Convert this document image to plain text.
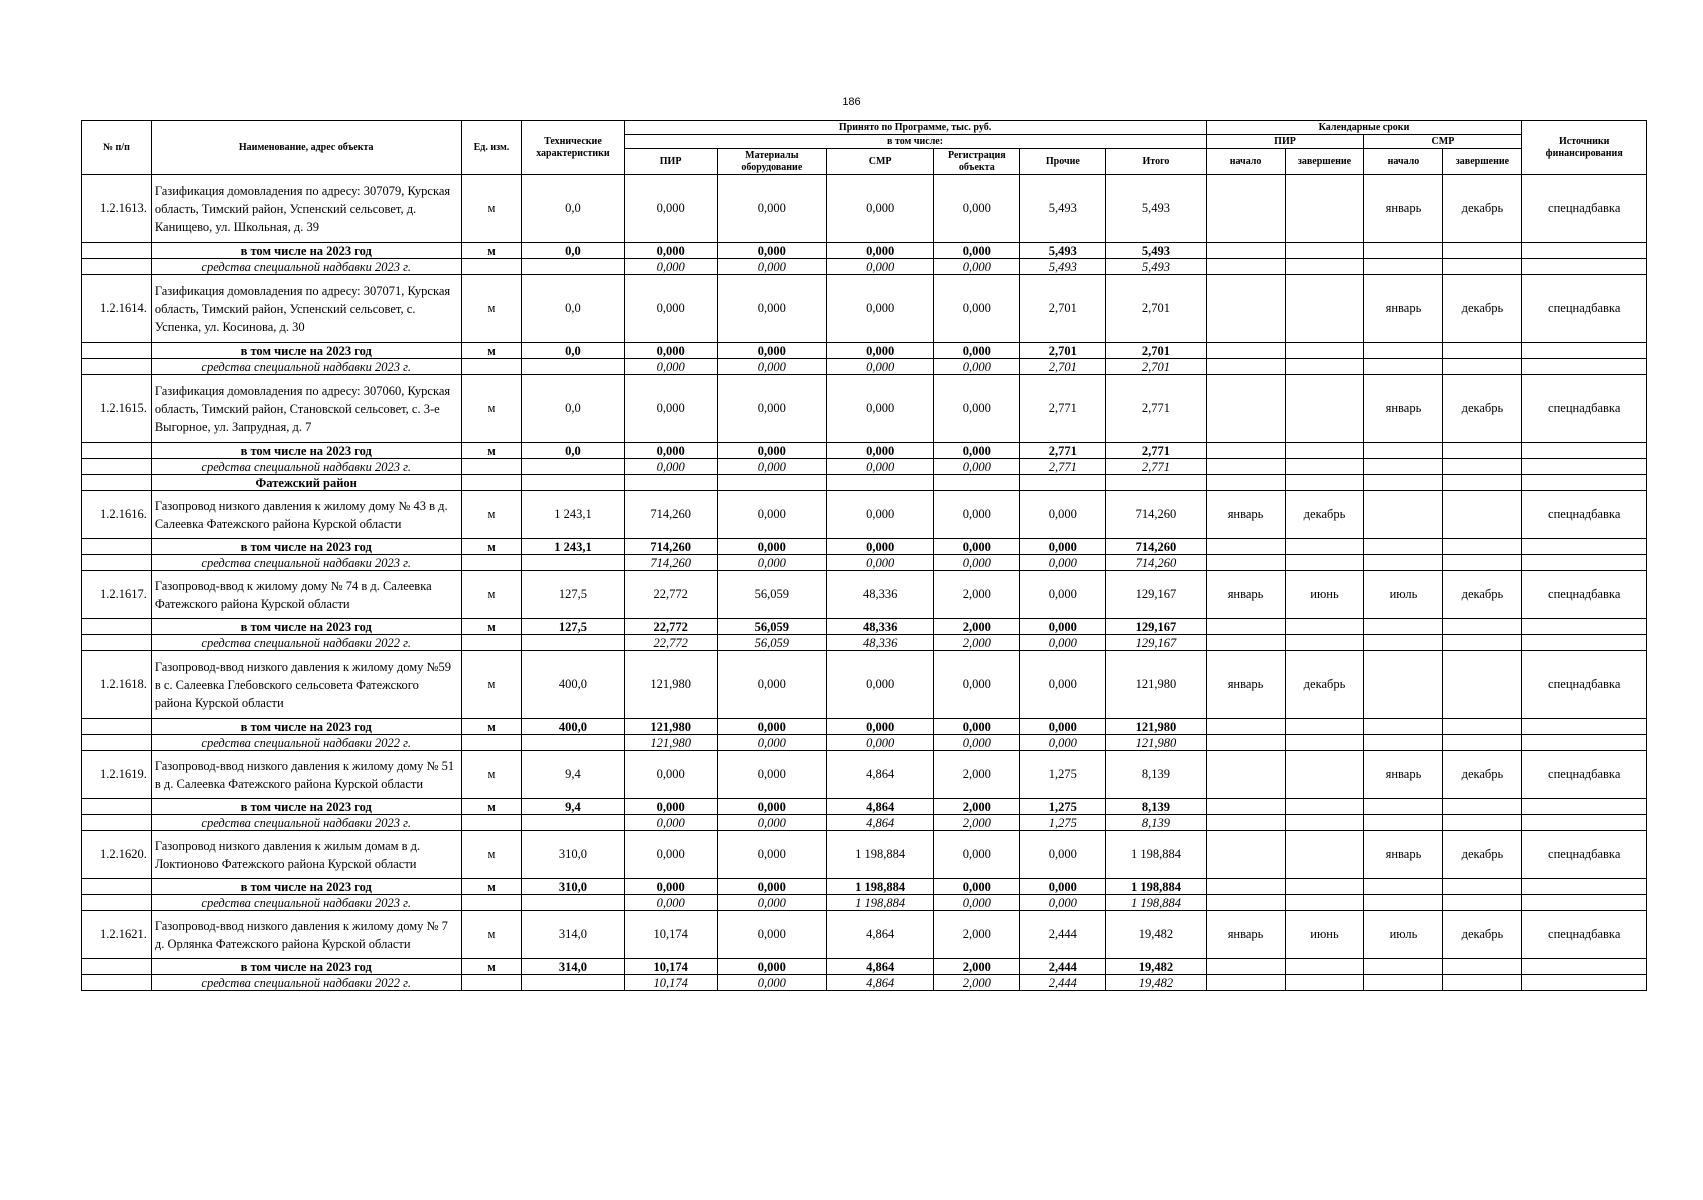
186
№ п/п	Наименование, адрес объекта	Ед. изм.	Технические характеристики	Принято по Программе, тыс. руб.						Календарные сроки				Источники финансирования
				в том числе:						ПИР		СМР		
				ПИР	Материалы оборудование	СМР	Регистрация объекта	Прочие	Итого	начало	завершение	начало	завершение	
1.2.1613.	Газификация домовладения по адресу: 307079, Курская область, Тимский район, Успенский сельсовет, д. Канищево, ул. Школьная, д. 39	м	0,0	0,000	0,000	0,000	0,000	5,493	5,493			январь	декабрь	спецнадбавка
	в том числе на 2023 год	м	0,0	0,000	0,000	0,000	0,000	5,493	5,493					
	средства специальной надбавки 2023 г.			0,000	0,000	0,000	0,000	5,493	5,493					
1.2.1614.	Газификация домовладения по адресу: 307071, Курская область, Тимский район, Успенский сельсовет, с. Успенка, ул. Косинова, д. 30	м	0,0	0,000	0,000	0,000	0,000	2,701	2,701			январь	декабрь	спецнадбавка
	в том числе на 2023 год	м	0,0	0,000	0,000	0,000	0,000	2,701	2,701					
	средства специальной надбавки 2023 г.			0,000	0,000	0,000	0,000	2,701	2,701					
1.2.1615.	Газификация домовладения по адресу: 307060, Курская область, Тимский район, Становской сельсовет, с. 3-е Выгорное, ул. Запрудная, д. 7	м	0,0	0,000	0,000	0,000	0,000	2,771	2,771			январь	декабрь	спецнадбавка
	в том числе на 2023 год	м	0,0	0,000	0,000	0,000	0,000	2,771	2,771					
	средства специальной надбавки 2023 г.			0,000	0,000	0,000	0,000	2,771	2,771					
	Фатежский район													
1.2.1616.	Газопровод низкого давления к жилому дому № 43 в д. Салеевка Фатежского района Курской области	м	1 243,1	714,260	0,000	0,000	0,000	0,000	714,260	январь	декабрь			спецнадбавка
	в том числе на 2023 год	м	1 243,1	714,260	0,000	0,000	0,000	0,000	714,260					
	средства специальной надбавки 2023 г.			714,260	0,000	0,000	0,000	0,000	714,260					
1.2.1617.	Газопровод-ввод к жилому дому № 74 в д. Салеевка Фатежского района Курской области	м	127,5	22,772	56,059	48,336	2,000	0,000	129,167	январь	июнь	июль	декабрь	спецнадбавка
	в том числе на 2023 год	м	127,5	22,772	56,059	48,336	2,000	0,000	129,167					
	средства специальной надбавки 2022 г.			22,772	56,059	48,336	2,000	0,000	129,167					
1.2.1618.	Газопровод-ввод низкого давления к жилому дому №59 в с. Салеевка Глебовского сельсовета Фатежского района Курской области	м	400,0	121,980	0,000	0,000	0,000	0,000	121,980	январь	декабрь			спецнадбавка
	в том числе на 2023 год	м	400,0	121,980	0,000	0,000	0,000	0,000	121,980					
	средства специальной надбавки 2022 г.			121,980	0,000	0,000	0,000	0,000	121,980					
1.2.1619.	Газопровод-ввод низкого давления к жилому дому № 51 в д. Салеевка Фатежского района Курской области	м	9,4	0,000	0,000	4,864	2,000	1,275	8,139			январь	декабрь	спецнадбавка
	в том числе на 2023 год	м	9,4	0,000	0,000	4,864	2,000	1,275	8,139					
	средства специальной надбавки 2023 г.			0,000	0,000	4,864	2,000	1,275	8,139					
1.2.1620.	Газопровод низкого давления к жилым домам в д. Локтионово Фатежского района Курской области	м	310,0	0,000	0,000	1 198,884	0,000	0,000	1 198,884			январь	декабрь	спецнадбавка
	в том числе на 2023 год	м	310,0	0,000	0,000	1 198,884	0,000	0,000	1 198,884					
	средства специальной надбавки 2023 г.			0,000	0,000	1 198,884	0,000	0,000	1 198,884					
1.2.1621.	Газопровод-ввод низкого давления к жилому дому № 7 д. Орлянка Фатежского района Курской области	м	314,0	10,174	0,000	4,864	2,000	2,444	19,482	январь	июнь	июль	декабрь	спецнадбавка
	в том числе на 2023 год	м	314,0	10,174	0,000	4,864	2,000	2,444	19,482					
	средства специальной надбавки 2022 г.			10,174	0,000	4,864	2,000	2,444	19,482					
